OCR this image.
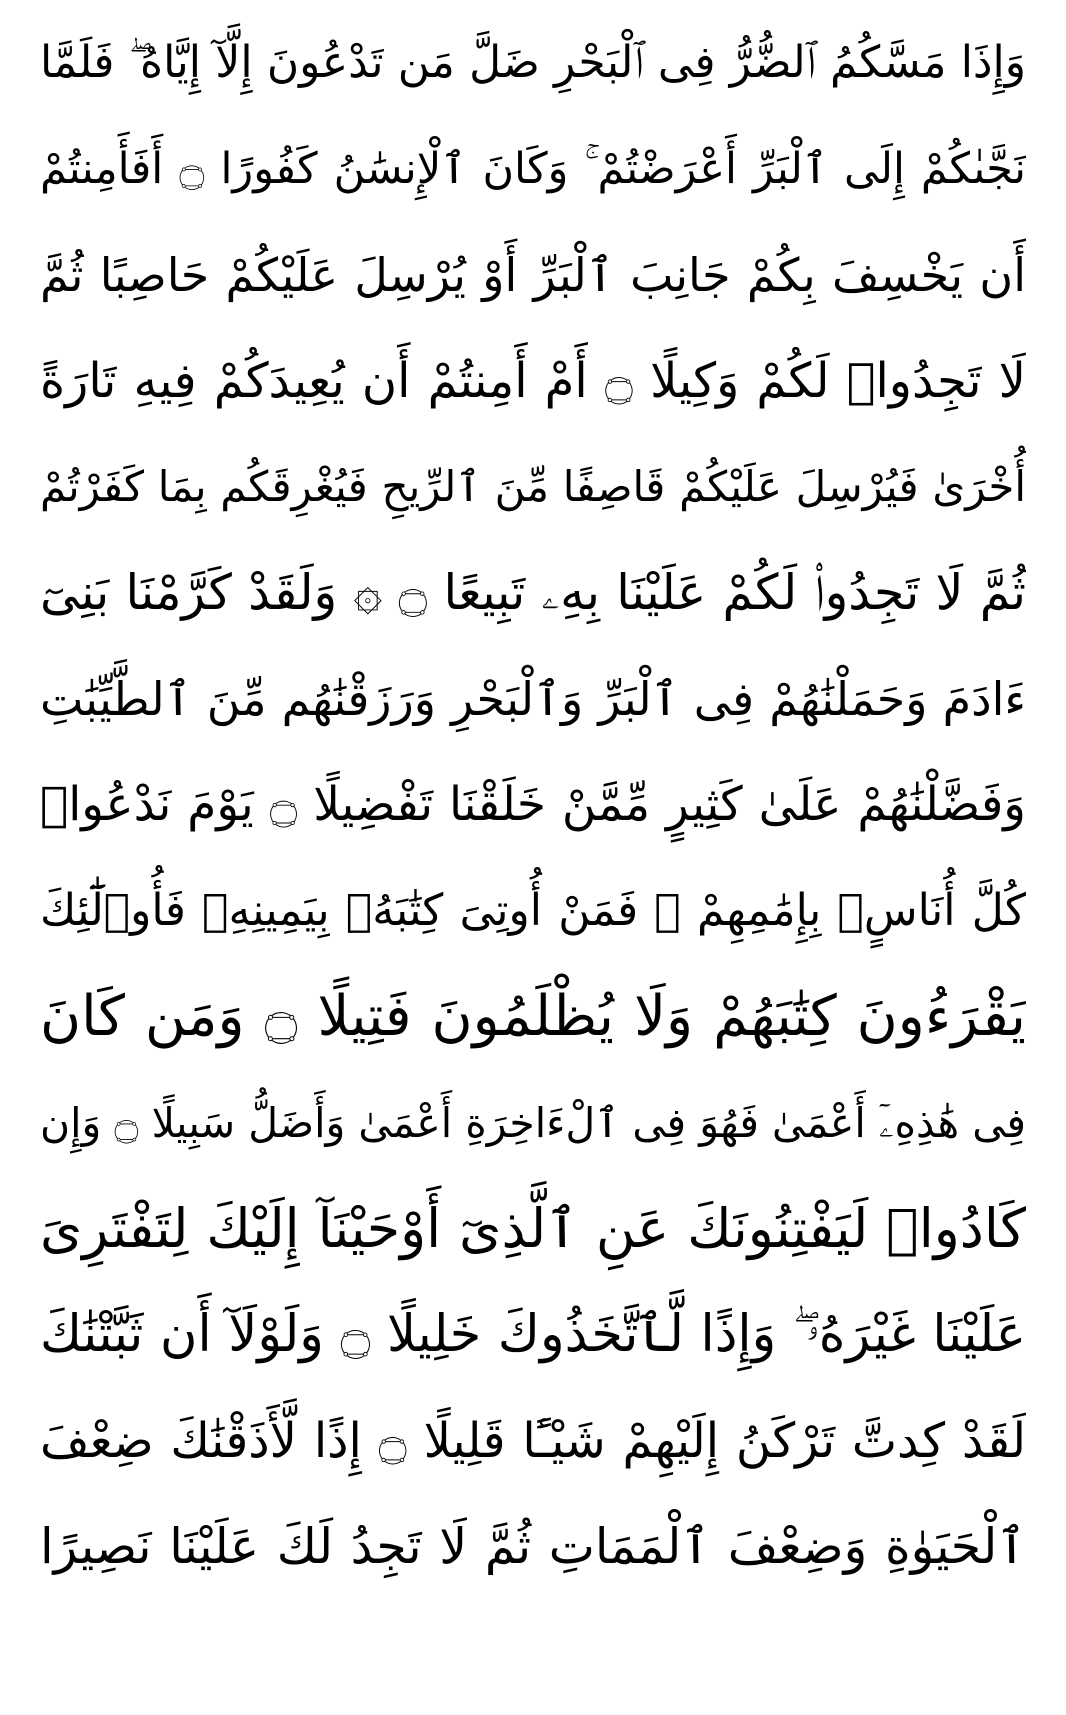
وَإِذَا مَسَّكُمُ ٱلضُّرُّ فِى ٱلْبَحْرِ ضَلَّ مَن تَدْعُونَ إِلَّآ إِيَّاهُ ۖ فَلَمَّا
نَجَّىٰكُمْ إِلَى ٱلْبَرِّ أَعْرَضْتُمْ ۚ وَكَانَ ٱلْإِنسَٰنُ كَفُورًا ۝ أَفَأَمِنتُمْ
أَن يَخْسِفَ بِكُمْ جَانِبَ ٱلْبَرِّ أَوْ يُرْسِلَ عَلَيْكُمْ حَاصِبًا ثُمَّ
لَا تَجِدُوا۟ لَكُمْ وَكِيلًا ۝ أَمْ أَمِنتُمْ أَن يُعِيدَكُمْ فِيهِ تَارَةً
أُخْرَىٰ فَيُرْسِلَ عَلَيْكُمْ قَاصِفًا مِّنَ ٱلرِّيحِ فَيُغْرِقَكُم بِمَا كَفَرْتُمْ
ثُمَّ لَا تَجِدُوا۟ لَكُمْ عَلَيْنَا بِهِۦ تَبِيعًا ۝ ۞ وَلَقَدْ كَرَّمْنَا بَنِىٓ
ءَادَمَ وَحَمَلْنَٰهُمْ فِى ٱلْبَرِّ وَٱلْبَحْرِ وَرَزَقْنَٰهُم مِّنَ ٱلطَّيِّبَٰتِ
وَفَضَّلْنَٰهُمْ عَلَىٰ كَثِيرٍ مِّمَّنْ خَلَقْنَا تَفْضِيلًا ۝ يَوْمَ نَدْعُوا۟
كُلَّ أُنَاسٍۭ بِإِمَٰمِهِمْ ۖ فَمَنْ أُوتِىَ كِتَٰبَهُۥ بِيَمِينِهِۦ فَأُو۟لَٰٓئِكَ
يَقْرَءُونَ كِتَٰبَهُمْ وَلَا يُظْلَمُونَ فَتِيلًا ۝ وَمَن كَانَ
فِى هَٰذِهِۦٓ أَعْمَىٰ فَهُوَ فِى ٱلْءَاخِرَةِ أَعْمَىٰ وَأَضَلُّ سَبِيلًا ۝ وَإِن
كَادُوا۟ لَيَفْتِنُونَكَ عَنِ ٱلَّذِىٓ أَوْحَيْنَآ إِلَيْكَ لِتَفْتَرِىَ
عَلَيْنَا غَيْرَهُۥ ۖ وَإِذًا لَّٱتَّخَذُوكَ خَلِيلًا ۝ وَلَوْلَآ أَن ثَبَّتْنَٰكَ
لَقَدْ كِدتَّ تَرْكَنُ إِلَيْهِمْ شَيْـًٔا قَلِيلًا ۝ إِذًا لَّأَذَقْنَٰكَ ضِعْفَ
ٱلْحَيَوٰةِ وَضِعْفَ ٱلْمَمَاتِ ثُمَّ لَا تَجِدُ لَكَ عَلَيْنَا نَصِيرًا
